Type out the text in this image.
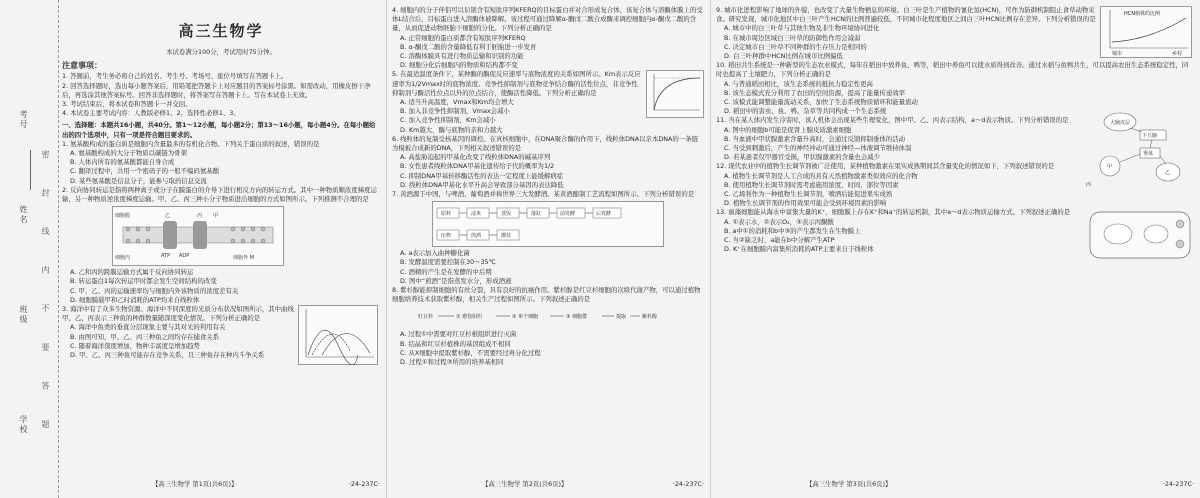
考号
姓名
班级
学校 密 封 线 内 不 要 答 题
高三生物学

本试卷满分100分，考试用时75分钟。

注意事项：

1. 答题前，考生务必将自己的姓名、考生号、考场号、座位号填写在答题卡上。

2. 回答选择题时，选出每小题答案后，用铅笔把答题卡上对应题目的答案标号涂黑。如需改动，用橡皮擦干净后，再选涂其他答案标号。回答非选择题时，将答案写在答题卡上。写在本试卷上无效。

3. 考试结束后，将本试卷和答题卡一并交回。

4. 本试卷主要考试内容：人教版必修1、2，选择性必修1、3。

一、选择题：本题共16小题，共40分。第1～12小题，每小题2分；第13～16小题，每小题4分。在每小题给出的四个选项中，只有一项是符合题目要求的。

1. 氨基酸构成的蛋白质是细胞内含量最多的有机化合物。下列关于蛋白质的叙述，错误的是

A. 氨基酸构成的大分子物质以碳链为骨架

B. 人体内所有的氨基酸都能自身合成

C. 翻译过程中，共用一个密码子的一般不编码氨基酸

D. 某些氨基酸是信息分子，能参与取药信息交流

2. 反向协同转运是指将两种离子或分子在膜蛋白的介导下进行相反方向的转运方式。其中一种物质顺浓度梯度运输，另一种物质逆浓度梯度运输。甲、乙、丙三种小分子物质进出细胞的方式如图所示。下列推测不合理的是

细胞膜
细胞内	ATP ADP
乙	丙 甲
细胞外 M

A. 乙和丙的跨膜运输方式属于反向协同转运

B. 转运蛋白1每次转运甲时都会发生空间结构的改变

C. 甲、乙、丙的运输速率均与细胞内外该物质的浓度差有关

D. 细胞膜载甲和乙时消耗的ATP均来自线粒体

3. 海洋中有了众多生物资源。海洋中不同深度的光质分布状况如图所示，其中曲线甲、乙、丙表示三种鱼的种群数量随深度变化情况。下列分析正确的是

A. 海洋中鱼类的垂直分层现象主要与其对光的利用有关

B. 由图可知，甲、乙、丙三种鱼之间均存在捕食关系

C. 随着海洋深度增加，物种丰富度呈增加趋势

D. 甲、乙、丙三种鱼可能存在竞争关系，且三种鱼存在种内斗争关系

【高三生物学 第1页(共6页)】	·24-237C·

4. 细胞内的分子伴侣可以识别含有短肽序列KFERQ的目标蛋白并对合形成复合体，该复合体与溶酶体膜上的受体L结合后，目标蛋白进入溶酶体被降解。该过程可通过降解α-酮戊二酸合成酶来调控细胞内α-酮戊二酸的含量，从而促进动物胚胎干细胞的分化。下列分析正确的是

A. 正常细胞的蛋白质都含有短肽序列KFERQ

B. α-酮戊二酸的含量降低有利于胚胎进一步发育

C. 溶酶体膜具有进行物质运输和识别的功能

D. 细胞分化后细胞内的物质和结构都不变

5. 在最适温度条件下，某种酶的酶促反应速率与底物浓度的关系如图所示。Km表示反应速率为1/2Vmax时的底物浓度。竞争性抑制剂与底物竞争结合酶的活性位点，非竞争性抑制剂与酶活性位点以外的位点结合，使酶活性降低。下列分析正确的是

A. 适当升高温度，Vmax和Km均会增大

B. 加入非竞争性抑制剂，Vmax会减小

C. 加入竞争性抑制剂，Km会减小

D. Km越大，酶与底物的亲和力越大

6. 线粒体的复制受核基因的调控。在真核细胞中，在DNA聚合酶的作用下，线粒体DNA以亲本DNA的一条链为模板合成新的DNA，下列相关叙述错误的是

A. 高盐胁迫起的甲基化改变了线粒体DNA的碱基序列

B. 女性患者线粒体DNA甲基化遗传给子代的概率为1/2

C. 抑制DNA甲基转移酶活性的表达一定程度上能缓解病症

D. 线粒体DNA甲基化水平升高会导致部分基因的表达降低

7. 黄酒源于中国，与啤酒、葡萄酒并称世界三大发酵酒。某黄酒酿制工艺流程如图所示。下列分析错误的是

原料	浸米	蒸饭	落缸	前发酵	后发酵
压榨	煎酒	灌装

A. a表示加入曲种糖化菌

B. 发酵温度需要控制在30～35℃

C. 酒精的产生是在发酵的中后期

D. 图中“煎酒”是指蒸发水分，形成酒液

8. 紫杉醇能抑制细胞的有丝分裂，具有良好的抗癌作用。紫杉醇是红豆杉细胞的次级代谢产物，可以通过植物细胞培养技术获取紫杉醇，相关生产过程如图所示。下列叙述正确的是

红豆杉	① 愈伤组织	② 单个细胞	③ 细胞群	提取	紫杉醇

A. 过程①中需要对红豆杉根组织进行灭菌

B. 结晶和红豆杉植株的基因组成不相同

C. 从X细胞中提取紫杉醇，不需要经过再分化过程

D. 过程①和过程③所用的培养基相同

【高三生物学 第2页(共6页)】	·24-237C·

9. 城市化进程影响了地球的外貌，也改变了大量生物栖息的环境。白三叶是生产植物的氰化氢(HCN)，可作为防御机制阻止食草动物采食。研究发现，城市化地区中白三叶产生HCN的比例普遍较低，不同城市化程度地区之间白三叶HCN比例存在差异。下列分析错误的是

A. 城市中的白三叶草与其他生物及非生物环境协同进化

B. 在城市周边区域白三叶草的防御性作用会减弱

C. 决定城市白三叶草不同种群的生存压力是相同的

D. 白三叶种群中HCN比例在城市比例偏低

HCN植株的比例
城市	乡村

10. 稻田共生系统是一种新型的生态农业模式，每年在稻田中放养鱼、鸭等，稻田中养鱼可以使水质得到改善。通过水稻与鱼鸭共生，可以提高农田生态系统稳定性，同时也提高了土壤肥力，下列分析正确的是

A. 与普通稻田相比，该生态系统的抵抗力稳定性更高

B. 该生态模式充分利用了农田的空间资源，提高了能量传递效率

C. 该模式能调整能量流动关系，加快了生态系统物质循环和能量流动

D. 稻田中的害虫、鱼、鸭、杂草等共同构成一个生态系统

11. 当在某人体内发生冷害时，该人机体会出现某些生理变化，图中甲、乙、丙表示结构，a～d表示物质。下列分析错误的是

A. 图中的细胞b可能是促肾上腺皮质激素细胞

B. 当血液中甲状腺激素含量升高时，会通过反馈抑制垂体的活动

C. 当受到刺激后，产生的神经冲动可通过神经—体液调节维持体温

D. 若某患者仅甲器官受损，甲状腺激素的含量也会减少

大脑皮层
下丘脑
垂体
甲
乙
丙

12. 现代农业中的植物生长调节剂被广泛使用，某种植物激素在果实成熟期间其含量变化的情况如下，下列叙述错误的是

A. 植物生长调节剂是人工合成的具有天然植物激素类似效应的化合物

B. 使用植物生长调节剂时需考虑施用浓度、时间、部位等因素

C. 乙烯利作为一种植物生长调节剂，喷洒后能促进果实成熟

D. 植物生长调节剂的作用效果可能会受到环境因素的影响

13. 丽藻细胞能从海水中富集大量的K⁺，细胞膜上存在K⁺和Na⁺的转运机制，其中a～d表示物质运输方式。下列叙述正确的是

A. ①表示水，②表示O₂，③表示丙酮酸

B. a中①的消耗和b中③的产生都发生在生物膜上

C. 当②缺乏时，a能在b中分解产生ATP

D. K⁺在细胞膜内富集所消耗的ATP主要来自于线粒体

【高三生物学 第3页(共6页)】	·24-237C·
